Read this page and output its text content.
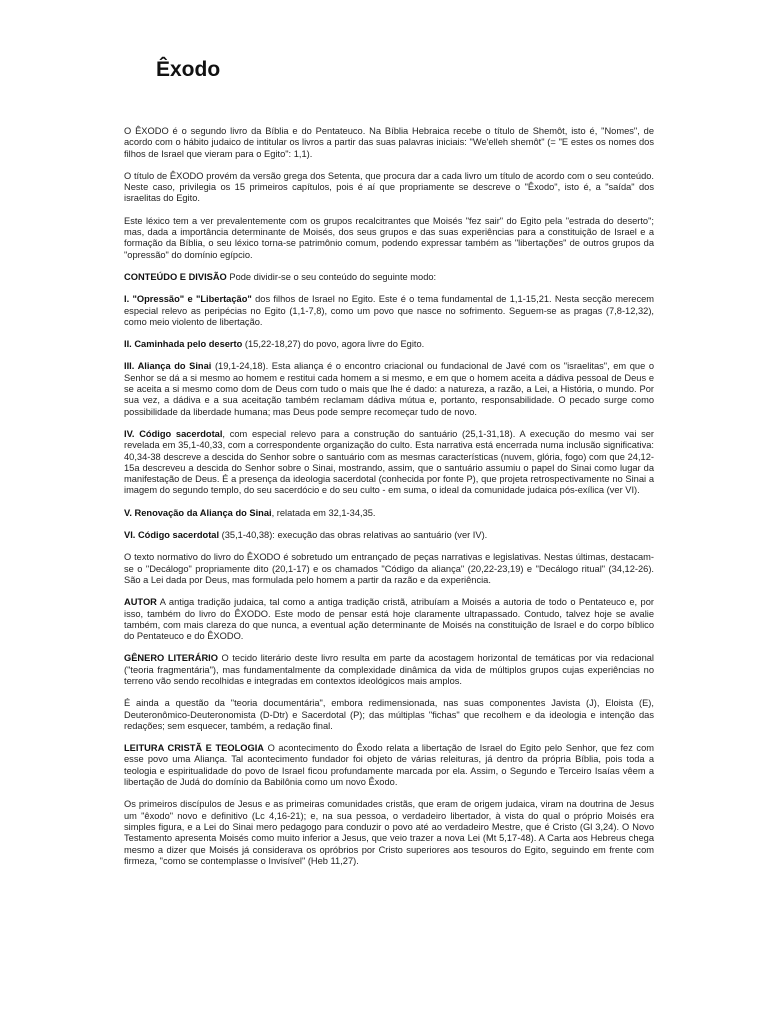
Êxodo

O ÊXODO é o segundo livro da Bíblia e do Pentateuco. Na Bíblia Hebraica recebe o título de Shemôt, isto é, "Nomes", de acordo com o hábito judaico de intitular os livros a partir das suas palavras iniciais: "We'elleh shemôt" (= "E estes os nomes dos filhos de Israel que vieram para o Egito": 1,1).

O título de ÊXODO provém da versão grega dos Setenta, que procura dar a cada livro um título de acordo com o seu conteúdo. Neste caso, privilegia os 15 primeiros capítulos, pois é aí que propriamente se descreve o "Êxodo", isto é, a "saída" dos israelitas do Egito.

Este léxico tem a ver prevalentemente com os grupos recalcitrantes que Moisés "fez sair" do Egito pela "estrada do deserto"; mas, dada a importância determinante de Moisés, dos seus grupos e das suas experiências para a constituição de Israel e a formação da Bíblia, o seu léxico torna-se patrimônio comum, podendo expressar também as "libertações" de outros grupos da "opressão" do domínio egípcio.

CONTEÚDO E DIVISÃO Pode dividir-se o seu conteúdo do seguinte modo:

I. "Opressão" e "Libertação" dos filhos de Israel no Egito. Este é o tema fundamental de 1,1-15,21. Nesta secção merecem especial relevo as peripécias no Egito (1,1-7,8), como um povo que nasce no sofrimento. Seguem-se as pragas (7,8-12,32), como meio violento de libertação.

II. Caminhada pelo deserto (15,22-18,27) do povo, agora livre do Egito.

III. Aliança do Sinai (19,1-24,18). Esta aliança é o encontro criacional ou fundacional de Javé com os "israelitas", em que o Senhor se dá a si mesmo ao homem e restitui cada homem a si mesmo, e em que o homem aceita a dádiva pessoal de Deus e se aceita a si mesmo como dom de Deus com tudo o mais que lhe é dado: a natureza, a razão, a Lei, a História, o mundo. Por sua vez, a dádiva e a sua aceitação também reclamam dádiva mútua e, portanto, responsabilidade. O pecado surge como possibilidade da liberdade humana; mas Deus pode sempre recomeçar tudo de novo.

IV. Código sacerdotal, com especial relevo para a construção do santuário (25,1-31,18). A execução do mesmo vai ser revelada em 35,1-40,33, com a correspondente organização do culto. Esta narrativa está encerrada numa inclusão significativa: 40,34-38 descreve a descida do Senhor sobre o santuário com as mesmas características (nuvem, glória, fogo) com que 24,12-15a descreveu a descida do Senhor sobre o Sinai, mostrando, assim, que o santuário assumiu o papel do Sinai como lugar da manifestação de Deus. É a presença da ideologia sacerdotal (conhecida por fonte P), que projeta retrospectivamente no Sinai a imagem do segundo templo, do seu sacerdócio e do seu culto - em suma, o ideal da comunidade judaica pós-exílica (ver VI).

V. Renovação da Aliança do Sinai, relatada em 32,1-34,35.

VI. Código sacerdotal (35,1-40,38): execução das obras relativas ao santuário (ver IV).

O texto normativo do livro do ÊXODO é sobretudo um entrançado de peças narrativas e legislativas. Nestas últimas, destacam-se o "Decálogo" propriamente dito (20,1-17) e os chamados "Código da aliança" (20,22-23,19) e "Decálogo ritual" (34,12-26). São a Lei dada por Deus, mas formulada pelo homem a partir da razão e da experiência.

AUTOR A antiga tradição judaica, tal como a antiga tradição cristã, atribuíam a Moisés a autoria de todo o Pentateuco e, por isso, também do livro do ÊXODO. Este modo de pensar está hoje claramente ultrapassado. Contudo, talvez hoje se avalie também, com mais clareza do que nunca, a eventual ação determinante de Moisés na constituição de Israel e do corpo bíblico do Pentateuco e do ÊXODO.

GÊNERO LITERÁRIO O tecido literário deste livro resulta em parte da acostagem horizontal de temáticas por via redacional ("teoria fragmentária"), mas fundamentalmente da complexidade dinâmica da vida de múltiplos grupos cujas experiências no terreno vão sendo recolhidas e integradas em contextos ideológicos mais amplos.

É ainda a questão da "teoria documentária", embora redimensionada, nas suas componentes Javista (J), Eloista (E), Deuteronômico-Deuteronomista (D-Dtr) e Sacerdotal (P); das múltiplas "fichas" que recolhem e da ideologia e intenção das redações; sem esquecer, também, a redação final.

LEITURA CRISTÃ E TEOLOGIA O acontecimento do Êxodo relata a libertação de Israel do Egito pelo Senhor, que fez com esse povo uma Aliança. Tal acontecimento fundador foi objeto de várias releituras, já dentro da própria Bíblia, pois toda a teologia e espiritualidade do povo de Israel ficou profundamente marcada por ela. Assim, o Segundo e Terceiro Isaías vêem a libertação de Judá do domínio da Babilônia como um novo Êxodo.

Os primeiros discípulos de Jesus e as primeiras comunidades cristãs, que eram de origem judaica, viram na doutrina de Jesus um "êxodo" novo e definitivo (Lc 4,16-21); e, na sua pessoa, o verdadeiro libertador, à vista do qual o próprio Moisés era simples figura, e a Lei do Sinai mero pedagogo para conduzir o povo até ao verdadeiro Mestre, que é Cristo (Gl 3,24). O Novo Testamento apresenta Moisés como muito inferior a Jesus, que veio trazer a nova Lei (Mt 5,17-48). A Carta aos Hebreus chega mesmo a dizer que Moisés já considerava os opróbrios por Cristo superiores aos tesouros do Egito, seguindo em frente com firmeza, "como se contemplasse o Invisível" (Heb 11,27).
